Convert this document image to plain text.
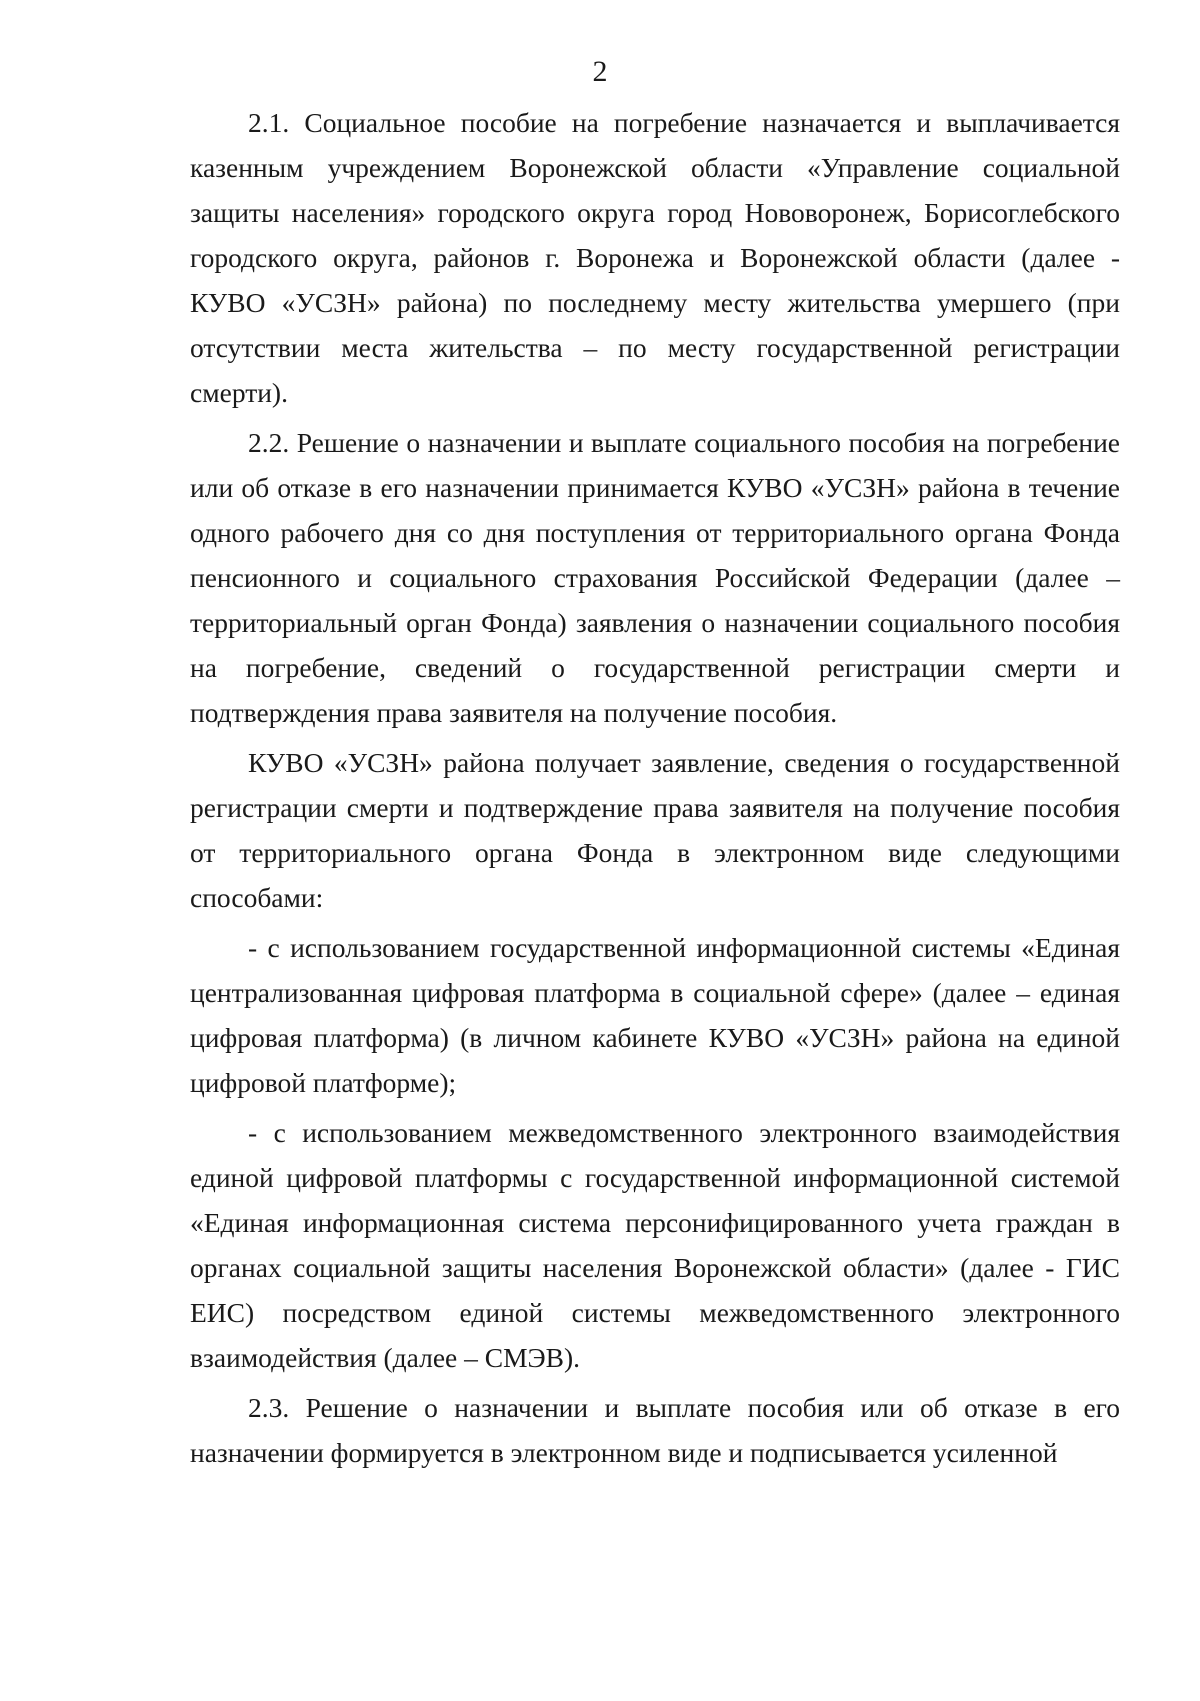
2

2.1. Социальное пособие на погребение назначается и выплачивается казенным учреждением Воронежской области «Управление социальной защиты населения» городского округа город Нововоронеж, Борисоглебского городского округа, районов г. Воронежа и Воронежской области (далее - КУВО «УСЗН» района) по последнему месту жительства умершего (при отсутствии места жительства – по месту государственной регистрации смерти).

2.2. Решение о назначении и выплате социального пособия на погребение или об отказе в его назначении принимается КУВО «УСЗН» района в течение одного рабочего дня со дня поступления от территориального органа Фонда пенсионного и социального страхования Российской Федерации (далее – территориальный орган Фонда) заявления о назначении социального пособия на погребение, сведений о государственной регистрации смерти и подтверждения права заявителя на получение пособия.

КУВО «УСЗН» района получает заявление, сведения о государственной регистрации смерти и подтверждение права заявителя на получение пособия от территориального органа Фонда в электронном виде следующими способами:

- с использованием государственной информационной системы «Единая централизованная цифровая платформа в социальной сфере» (далее – единая цифровая платформа) (в личном кабинете КУВО «УСЗН» района на единой цифровой платформе);

- с использованием межведомственного электронного взаимодействия единой цифровой платформы с государственной информационной системой «Единая информационная система персонифицированного учета граждан в органах социальной защиты населения Воронежской области» (далее - ГИС ЕИС) посредством единой системы межведомственного электронного взаимодействия (далее – СМЭВ).

2.3. Решение о назначении и выплате пособия или об отказе в его назначении формируется в электронном виде и подписывается усиленной
